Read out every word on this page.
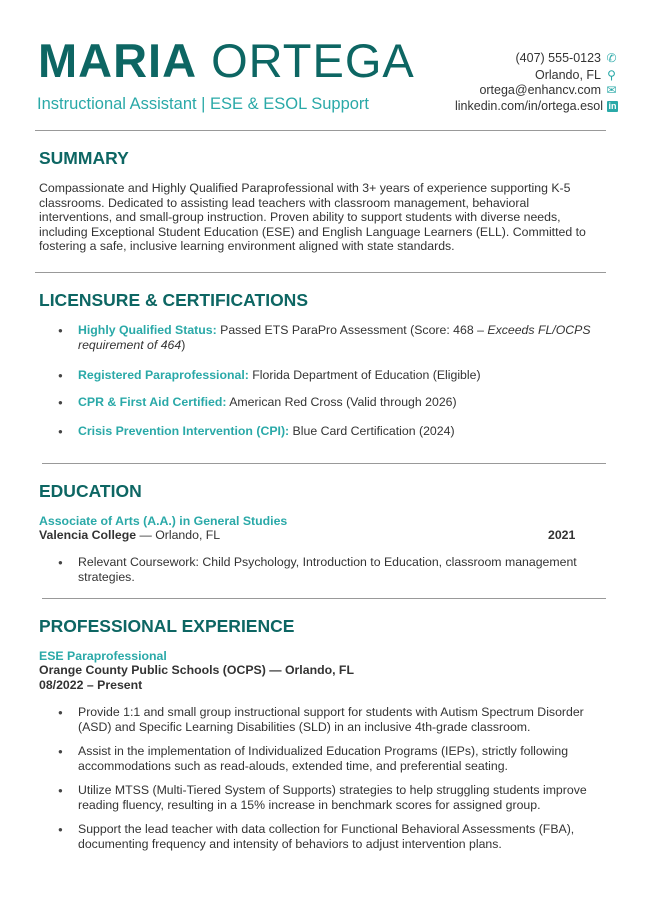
MARIA ORTEGA
Instructional Assistant | ESE & ESOL Support
(407) 555-0123 ✆
Orlando, FL ⚲
ortega@enhancv.com ✉
linkedin.com/in/ortega.esol in
SUMMARY
Compassionate and Highly Qualified Paraprofessional with 3+ years of experience supporting K-5 classrooms. Dedicated to assisting lead teachers with classroom management, behavioral interventions, and small-group instruction. Proven ability to support students with diverse needs, including Exceptional Student Education (ESE) and English Language Learners (ELL). Committed to fostering a safe, inclusive learning environment aligned with state standards.
LICENSURE & CERTIFICATIONS
● Highly Qualified Status: Passed ETS ParaPro Assessment (Score: 468 – Exceeds FL/OCPS requirement of 464)
● Registered Paraprofessional: Florida Department of Education (Eligible)
● CPR & First Aid Certified: American Red Cross (Valid through 2026)
● Crisis Prevention Intervention (CPI): Blue Card Certification (2024)
EDUCATION
Associate of Arts (A.A.) in General Studies
Valencia College — Orlando, FL	2021
● Relevant Coursework: Child Psychology, Introduction to Education, classroom management strategies.
PROFESSIONAL EXPERIENCE
ESE Paraprofessional
Orange County Public Schools (OCPS) — Orlando, FL
08/2022 – Present
● Provide 1:1 and small group instructional support for students with Autism Spectrum Disorder (ASD) and Specific Learning Disabilities (SLD) in an inclusive 4th-grade classroom.
● Assist in the implementation of Individualized Education Programs (IEPs), strictly following accommodations such as read-alouds, extended time, and preferential seating.
● Utilize MTSS (Multi-Tiered System of Supports) strategies to help struggling students improve reading fluency, resulting in a 15% increase in benchmark scores for assigned group.
● Support the lead teacher with data collection for Functional Behavioral Assessments (FBA), documenting frequency and intensity of behaviors to adjust intervention plans.
